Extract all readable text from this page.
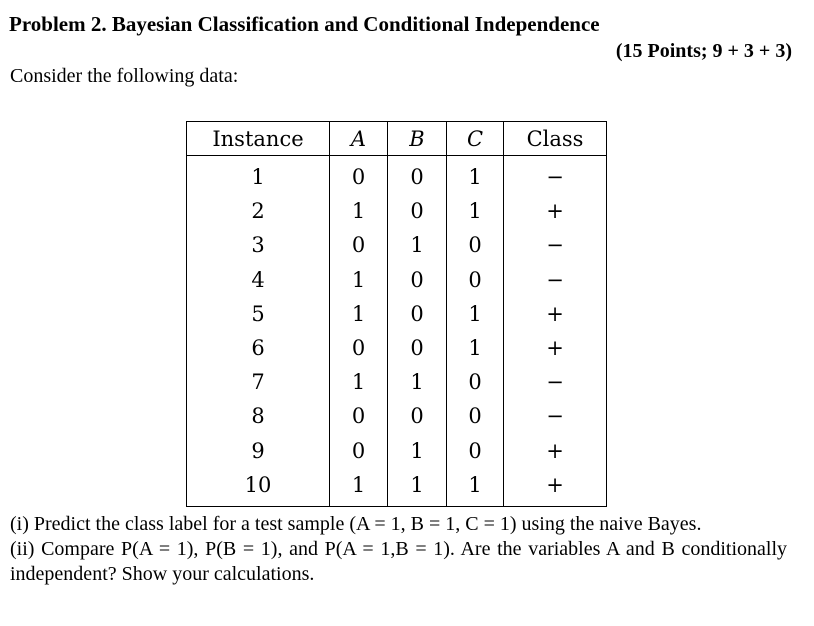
Problem 2. Bayesian Classification and Conditional Independence
(15 Points; 9 + 3 + 3)
Consider the following data:
Instance	A	B	C	Class
1	0	0	1	−
2	1	0	1	+
3	0	1	0	−
4	1	0	0	−
5	1	0	1	+
6	0	0	1	+
7	1	1	0	−
8	0	0	0	−
9	0	1	0	+
10	1	1	1	+

(i) Predict the class label for a test sample (A = 1, B = 1, C = 1) using the naive Bayes.

(ii) Compare P(A = 1), P(B = 1), and P(A = 1,B = 1). Are the variables A and B conditionally independent? Show your calculations.
